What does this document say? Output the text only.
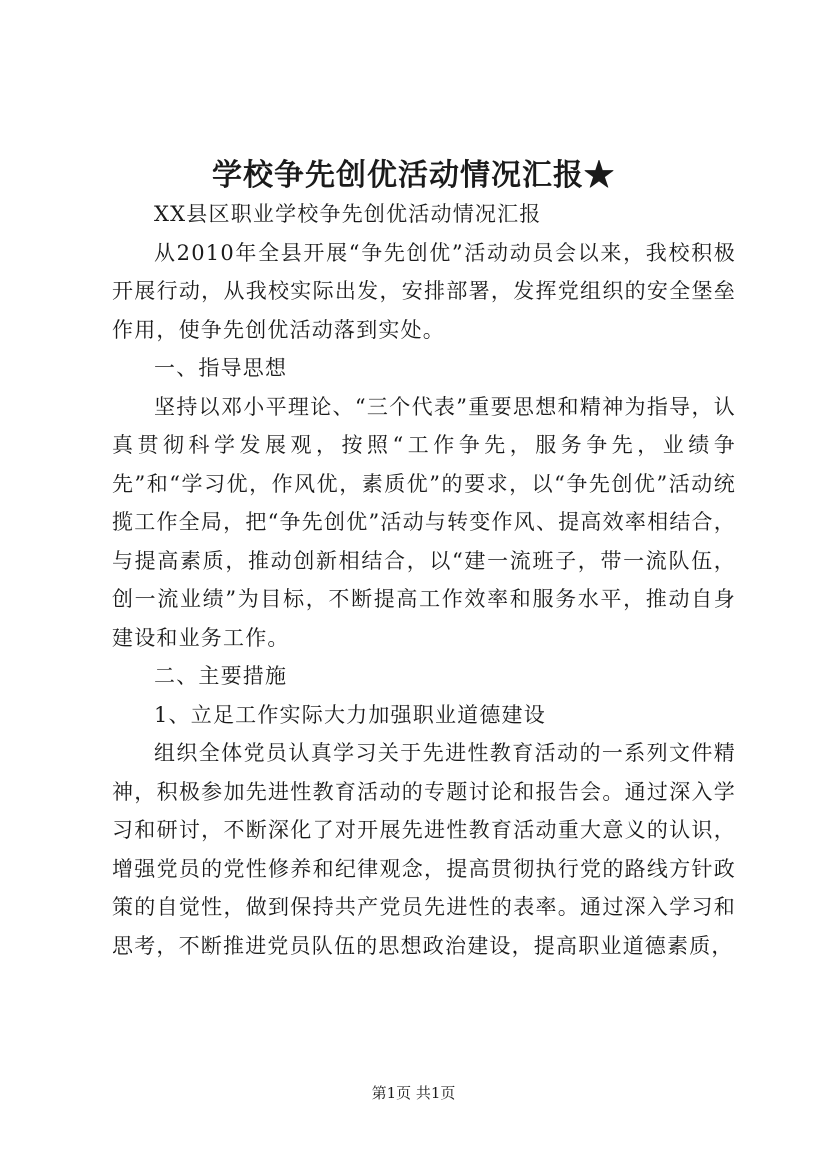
学校争先创优活动情况汇报★

XX县区职业学校争先创优活动情况汇报

从2010年全县开展“争先创优”活动动员会以来，我校积极开展行动，从我校实际出发，安排部署，发挥党组织的安全堡垒作用，使争先创优活动落到实处。

一、指导思想

坚持以邓小平理论、“三个代表”重要思想和精神为指导，认真贯彻科学发展观，按照“工作争先，服务争先，业绩争先”和“学习优，作风优，素质优”的要求，以“争先创优”活动统揽工作全局，把“争先创优”活动与转变作风、提高效率相结合，与提高素质，推动创新相结合，以“建一流班子，带一流队伍，创一流业绩”为目标，不断提高工作效率和服务水平，推动自身建设和业务工作。

二、主要措施

1、立足工作实际大力加强职业道德建设

组织全体党员认真学习关于先进性教育活动的一系列文件精神，积极参加先进性教育活动的专题讨论和报告会。通过深入学习和研讨，不断深化了对开展先进性教育活动重大意义的认识，增强党员的党性修养和纪律观念，提高贯彻执行党的路线方针政策的自觉性，做到保持共产党员先进性的表率。通过深入学习和思考，不断推进党员队伍的思想政治建设，提高职业道德素质，

第1页 共1页
